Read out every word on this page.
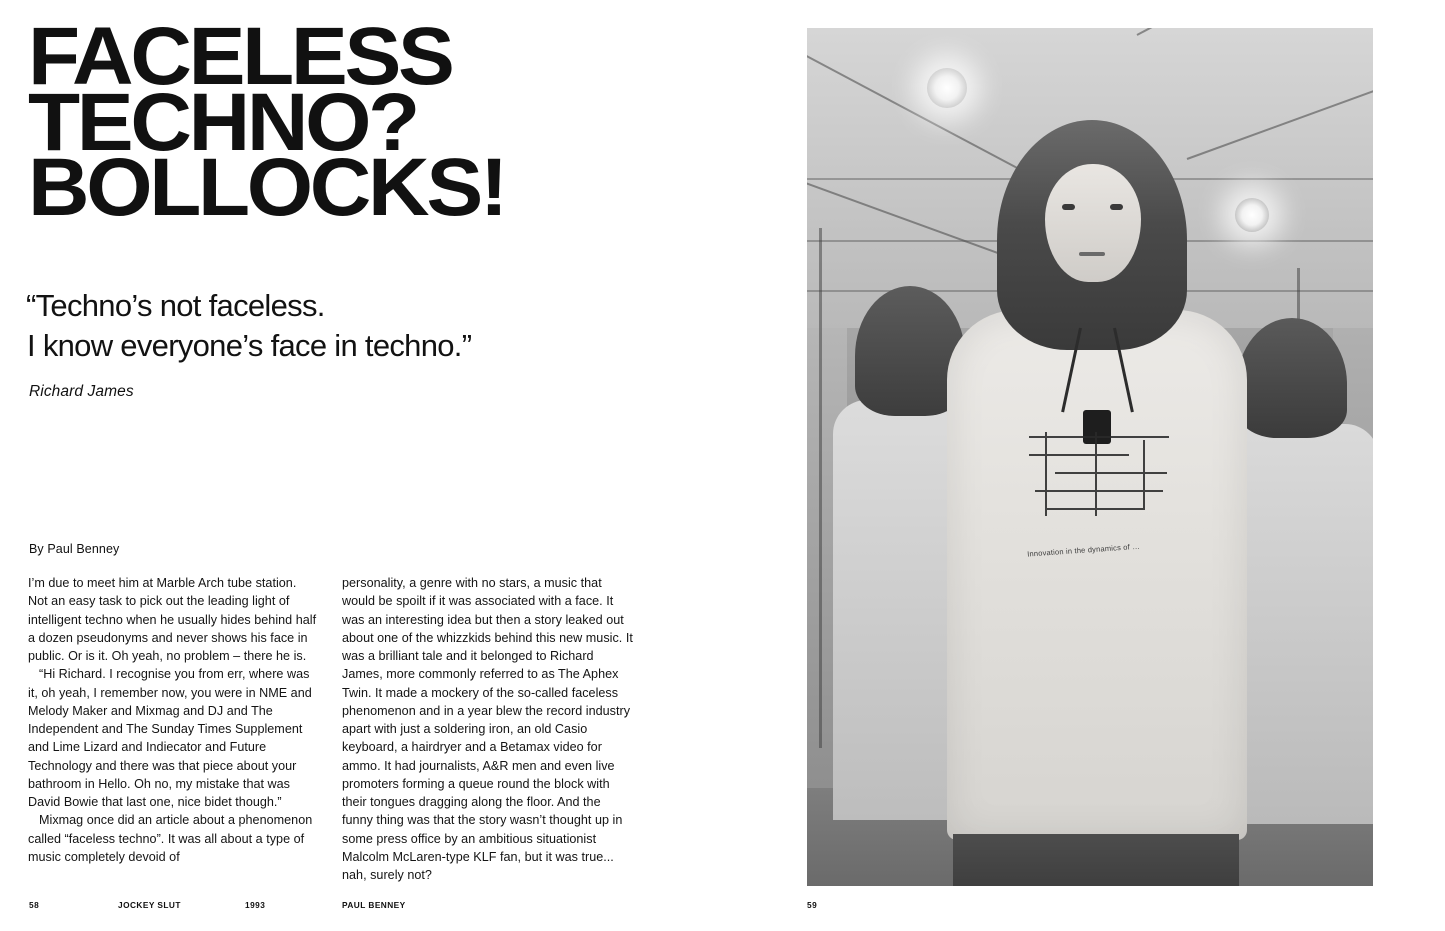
FACELESS
TECHNO?
BOLLOCKS!
“Techno’s not faceless.
I know everyone’s face in techno.”
Richard James
By Paul Benney

I’m due to meet him at Marble Arch tube station. Not an easy task to pick out the leading light of intelligent techno when he usually hides behind half a dozen pseudonyms and never shows his face in public. Or is it. Oh yeah, no problem – there he is.

“Hi Richard. I recognise you from err, where was it, oh yeah, I remember now, you were in NME and Melody Maker and Mixmag and DJ and The Independent and The Sunday Times Supplement and Lime Lizard and Indiecator and Future Technology and there was that piece about your bathroom in Hello. Oh no, my mistake that was David Bowie that last one, nice bidet though.”

Mixmag once did an article about a phenomenon called “faceless techno”. It was all about a type of music completely devoid of

personality, a genre with no stars, a music that would be spoilt if it was associated with a face. It was an interesting idea but then a story leaked out about one of the whizzkids behind this new music. It was a brilliant tale and it belonged to Richard James, more commonly referred to as The Aphex Twin. It made a mockery of the so-called faceless phenomenon and in a year blew the record industry apart with just a soldering iron, an old Casio keyboard, a hairdryer and a Betamax video for ammo. It had journalists, A&R men and even live promoters forming a queue round the block with their tongues dragging along the floor. And the funny thing was that the story wasn’t thought up in some press office by an ambitious situationist Malcolm McLaren-type KLF fan, but it was true... nah, surely not?

58	JOCKEY SLUT	1993	PAUL BENNEY
Innovation in the dynamics of …
59
